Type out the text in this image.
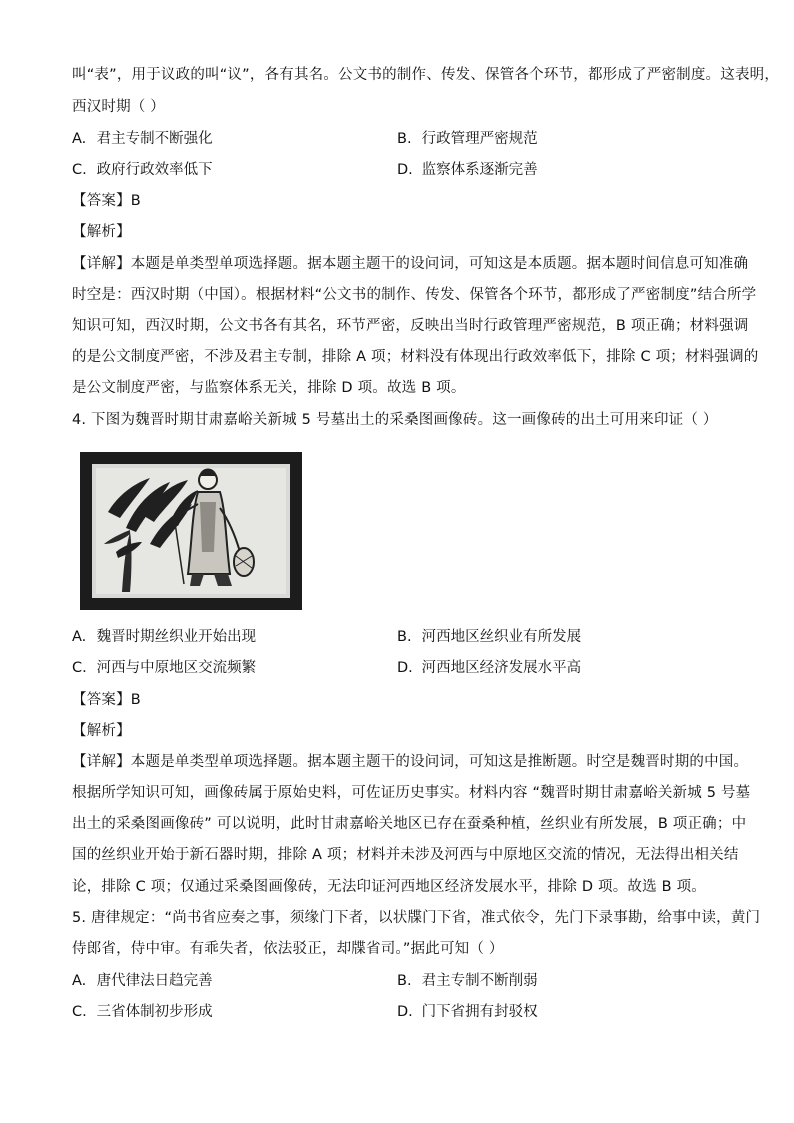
叫“表”，用于议政的叫“议”，各有其名。公文书的制作、传发、保管各个环节，都形成了严密制度。这表明，
西汉时期（ ）
A. 君主专制不断强化	B. 行政管理严密规范
C. 政府行政效率低下	D. 监察体系逐渐完善
【答案】B
【解析】
【详解】本题是单类型单项选择题。据本题主题干的设问词，可知这是本质题。据本题时间信息可知准确
时空是：西汉时期（中国）。根据材料“公文书的制作、传发、保管各个环节，都形成了严密制度”结合所学
知识可知，西汉时期，公文书各有其名，环节严密，反映出当时行政管理严密规范，B 项正确；材料强调
的是公文制度严密，不涉及君主专制，排除 A 项；材料没有体现出行政效率低下，排除 C 项；材料强调的
是公文制度严密，与监察体系无关，排除 D 项。故选 B 项。
4. 下图为魏晋时期甘肃嘉峪关新城 5 号墓出土的采桑图画像砖。这一画像砖的出土可用来印证（ ）
A. 魏晋时期丝织业开始出现	B. 河西地区丝织业有所发展
C. 河西与中原地区交流频繁	D. 河西地区经济发展水平高
【答案】B
【解析】
【详解】本题是单类型单项选择题。据本题主题干的设问词，可知这是推断题。时空是魏晋时期的中国。
根据所学知识可知，画像砖属于原始史料，可佐证历史事实。材料内容 “魏晋时期甘肃嘉峪关新城 5 号墓
出土的采桑图画像砖” 可以说明，此时甘肃嘉峪关地区已存在蚕桑种植，丝织业有所发展，B 项正确；中
国的丝织业开始于新石器时期，排除 A 项；材料并未涉及河西与中原地区交流的情况，无法得出相关结
论，排除 C 项；仅通过采桑图画像砖，无法印证河西地区经济发展水平，排除 D 项。故选 B 项。
5. 唐律规定：“尚书省应奏之事，须缘门下者，以状牒门下省，准式依令，先门下录事勘，给事中读，黄门
侍郎省，侍中审。有乖失者，依法驳正，却牒省司。”据此可知（ ）
A. 唐代律法日趋完善	B. 君主专制不断削弱
C. 三省体制初步形成	D. 门下省拥有封驳权
